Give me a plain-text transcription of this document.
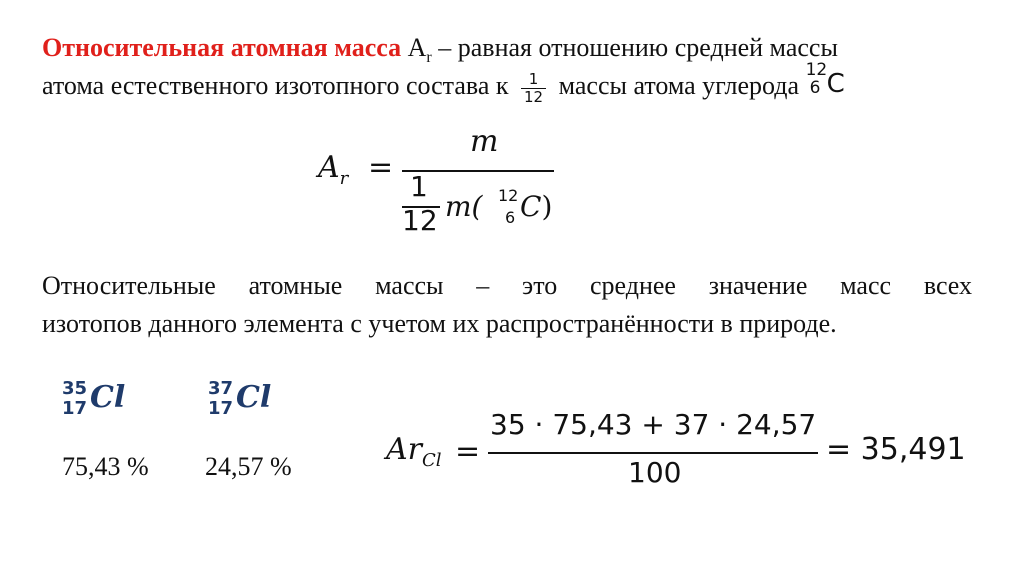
Относительная атомная масса $A_r$ – равная отношению средней массы
атома естественного изотопного состава к $\frac{1}{12}$ массы атома углерода
12
6 C
$A_r$ =
m
1
12 m( 12
6 C)
Относительные атомные массы – это среднее значение масс всех
изотопов данного элемента с учетом их распространённости в природе.
35
17 Cl
75,43 %
37
17 Cl
24,57 %	$Ar_{Cl}$ =
35 · 75,43 + 37 · 24,57
100
= 35,491
